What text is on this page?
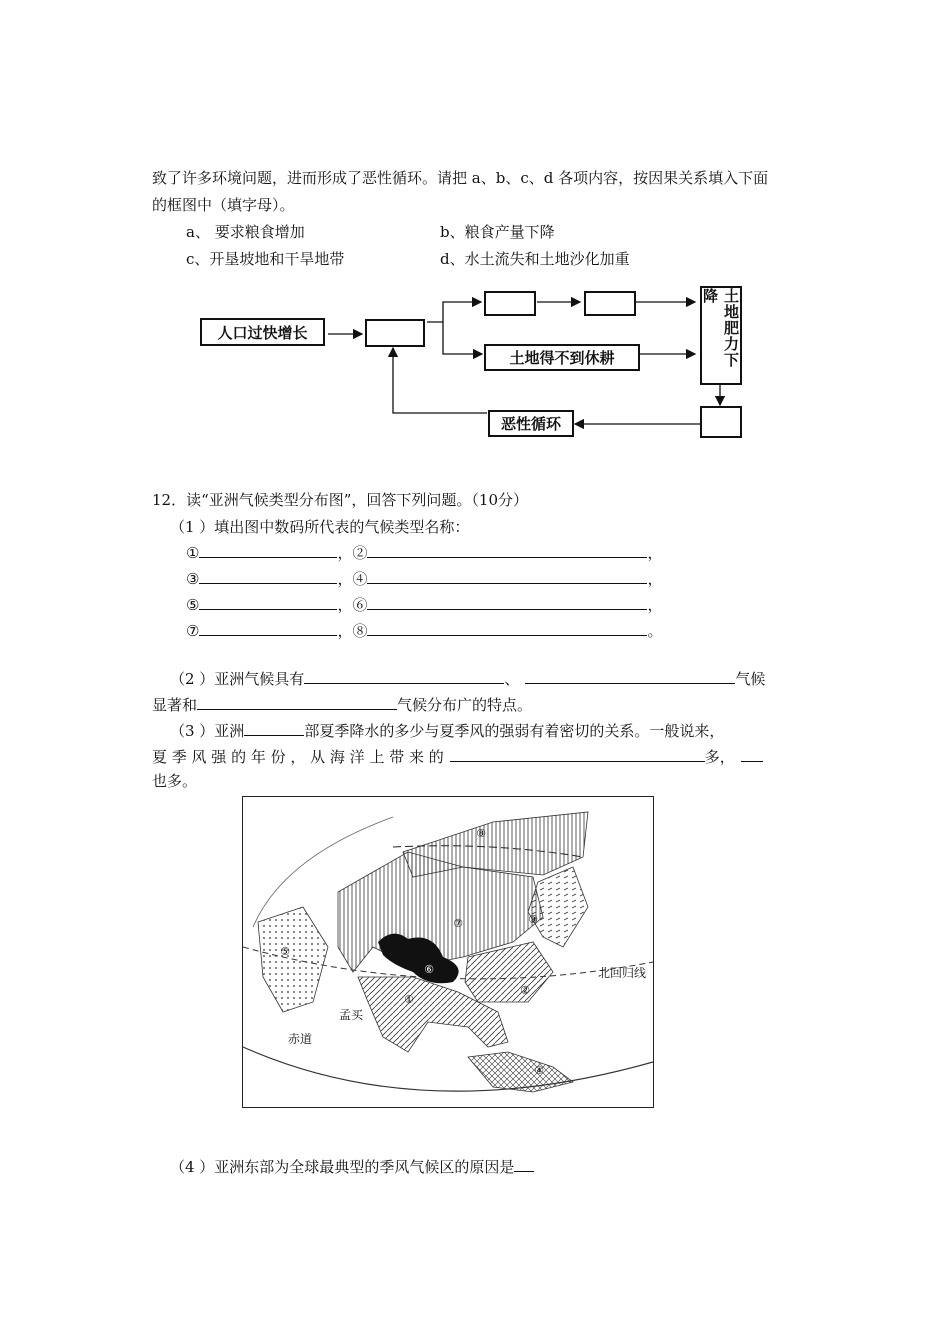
致了许多环境问题，进而形成了恶性循环。请把 a、b、c、d 各项内容，按因果关系填入下面
的框图中（填字母）。
a、 要求粮食增加	b、粮食产量下降
c、开垦坡地和干旱地带	d、水土流失和土地沙化加重
人口过快增长
土地得不到休耕	土地肥力下降
恶性循环
12．读“亚洲气候类型分布图”，回答下列问题。（10分）
（1 ）填出图中数码所代表的气候类型名称：
①	，②	，
③	，④	，
⑤	，⑥	，
⑦	，⑧	。
（2 ）亚洲气候具有	、	气候
显著和	气候分布广的特点。
（3 ）亚洲	部夏季降水的多少与夏季风的强弱有着密切的关系。一般说来，
夏 季 风 强 的 年 份 ， 从 海 洋 上 带 来 的	多，
也多。
⑧
⑦	③
⑤
⑥
①
②
④
北回归线
赤道
孟买
（4 ）亚洲东部为全球最典型的季风气候区的原因是
